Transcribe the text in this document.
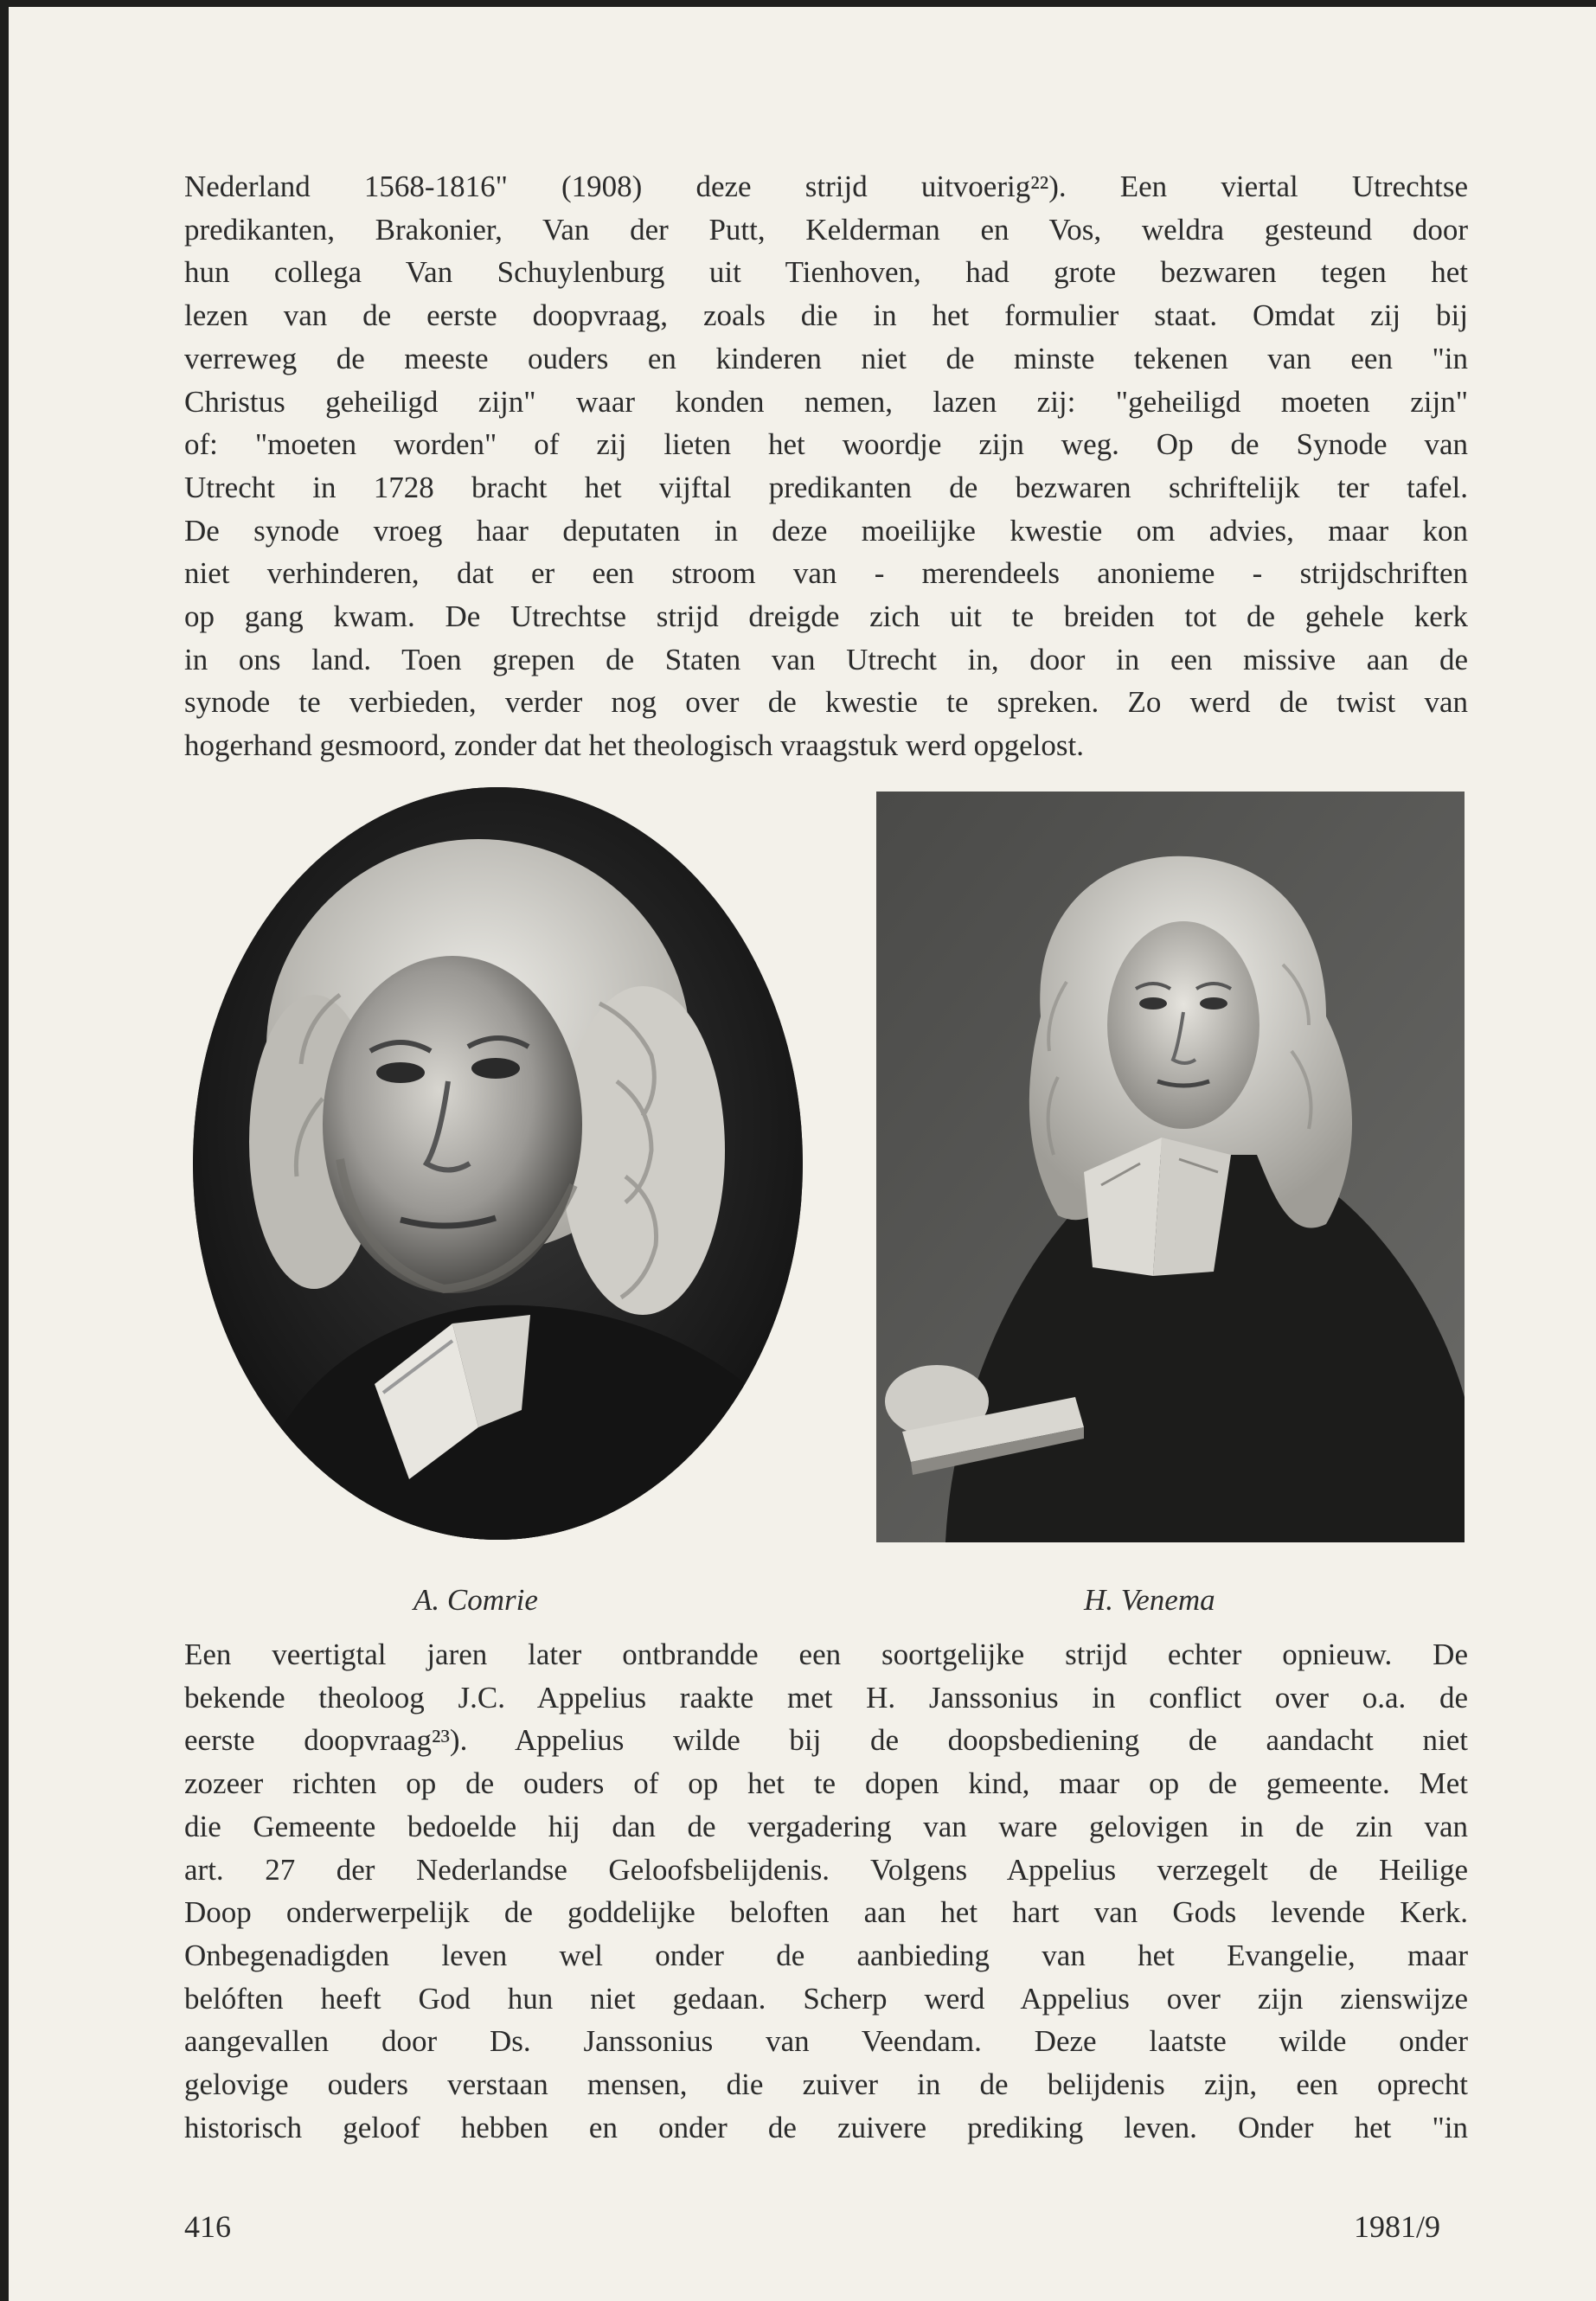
Nederland 1568-1816" (1908) deze strijd uitvoerig²²). Een viertal Utrechtse
predikanten, Brakonier, Van der Putt, Kelderman en Vos, weldra gesteund door
hun collega Van Schuylenburg uit Tienhoven, had grote bezwaren tegen het
lezen van de eerste doopvraag, zoals die in het formulier staat. Omdat zij bij
verreweg de meeste ouders en kinderen niet de minste tekenen van een "in
Christus geheiligd zijn" waar konden nemen, lazen zij: "geheiligd moeten zijn"
of: "moeten worden" of zij lieten het woordje zijn weg. Op de Synode van
Utrecht in 1728 bracht het vijftal predikanten de bezwaren schriftelijk ter tafel.
De synode vroeg haar deputaten in deze moeilijke kwestie om advies, maar kon
niet verhinderen, dat er een stroom van - merendeels anonieme - strijdschriften
op gang kwam. De Utrechtse strijd dreigde zich uit te breiden tot de gehele kerk
in ons land. Toen grepen de Staten van Utrecht in, door in een missive aan de
synode te verbieden, verder nog over de kwestie te spreken. Zo werd de twist van
hogerhand gesmoord, zonder dat het theologisch vraagstuk werd opgelost.
A. Comrie	H. Venema
Een veertigtal jaren later ontbrandde een soortgelijke strijd echter opnieuw. De
bekende theoloog J.C. Appelius raakte met H. Janssonius in conflict over o.a. de
eerste doopvraag²³). Appelius wilde bij de doopsbediening de aandacht niet
zozeer richten op de ouders of op het te dopen kind, maar op de gemeente. Met
die Gemeente bedoelde hij dan de vergadering van ware gelovigen in de zin van
art. 27 der Nederlandse Geloofsbelijdenis. Volgens Appelius verzegelt de Heilige
Doop onderwerpelijk de goddelijke beloften aan het hart van Gods levende Kerk.
Onbegenadigden leven wel onder de aanbieding van het Evangelie, maar
belóften heeft God hun niet gedaan. Scherp werd Appelius over zijn zienswijze
aangevallen door Ds. Janssonius van Veendam. Deze laatste wilde onder
gelovige ouders verstaan mensen, die zuiver in de belijdenis zijn, een oprecht
historisch geloof hebben en onder de zuivere prediking leven. Onder het "in
416	1981/9
